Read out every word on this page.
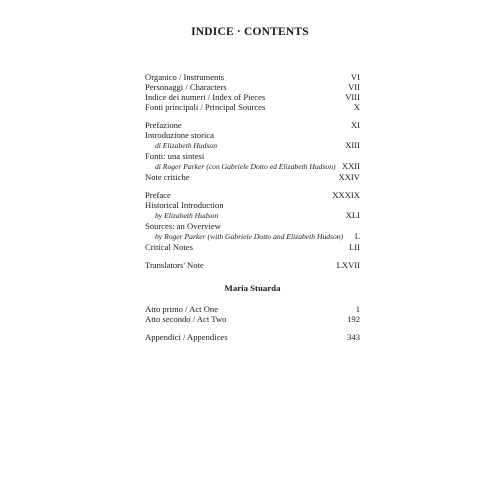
INDICE · CONTENTS
Organico / Instruments	VI
Personaggi / Characters	VII
Indice dei numeri / Index of Pieces	VIII
Fonti principali / Principal Sources	X
Prefazione	XI
Introduzione storica
di Elizabeth Hudson	XIII
Fonti: una sintesi
di Roger Parker (con Gabriele Dotto ed Elizabeth Hudson) XXII
Note critiche	XXIV
Preface	XXXIX
Historical Introduction
by Elizabeth Hudson	XLI
Sources: an Overview
by Roger Parker (with Gabriele Dotto and Elizabeth Hudson) L
Critical Notes	LII
Translators' Note	LXVII
Maria Stuarda
Atto primo / Act One	1
Atto secondo / Act Two	192
Appendici / Appendices	343
